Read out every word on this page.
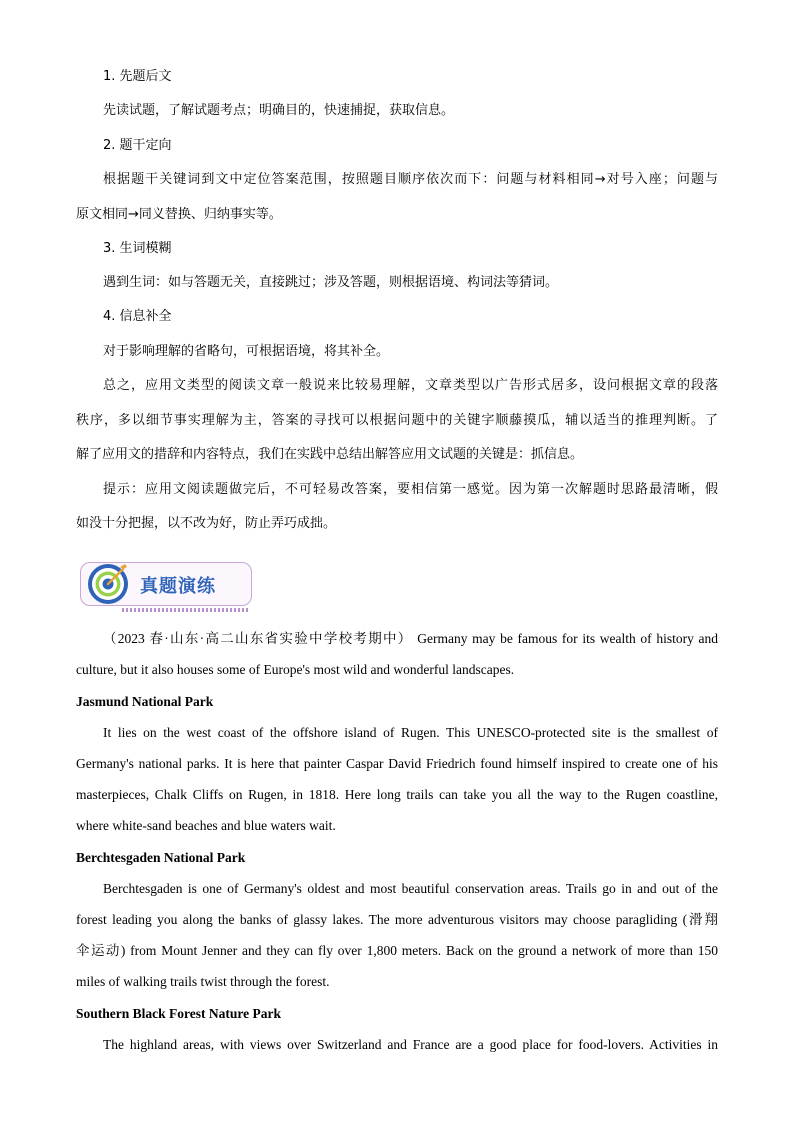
1. 先题后文
先读试题，了解试题考点；明确目的，快速捕捉，获取信息。
2. 题干定向
根据题干关键词到文中定位答案范围，按照题目顺序依次而下：问题与材料相同→对号入座；问题与
原文相同→同义替换、归纳事实等。
3. 生词模糊
遇到生词：如与答题无关，直接跳过；涉及答题，则根据语境、构词法等猜词。
4. 信息补全
对于影响理解的省略句，可根据语境，将其补全。
总之，应用文类型的阅读文章一般说来比较易理解，文章类型以广告形式居多，设问根据文章的段落
秩序，多以细节事实理解为主，答案的寻找可以根据问题中的关键字顺藤摸瓜，辅以适当的推理判断。了
解了应用文的措辞和内容特点，我们在实践中总结出解答应用文试题的关键是：抓信息。
提示：应用文阅读题做完后，不可轻易改答案，要相信第一感觉。因为第一次解题时思路最清晰，假
如没十分把握，以不改为好，防止弄巧成拙。
真题演练
（2023 春·山东·高二山东省实验中学校考期中） Germany may be famous for its wealth of history and
culture, but it also houses some of Europe's most wild and wonderful landscapes.
Jasmund National Park
It lies on the west coast of the offshore island of Rugen. This UNESCO-protected site is the smallest of
Germany's national parks. It is here that painter Caspar David Friedrich found himself inspired to create one of his
masterpieces, Chalk Cliffs on Rugen, in 1818. Here long trails can take you all the way to the Rugen coastline,
where white-sand beaches and blue waters wait.
Berchtesgaden National Park
Berchtesgaden is one of Germany's oldest and most beautiful conservation areas. Trails go in and out of the
forest leading you along the banks of glassy lakes. The more adventurous visitors may choose paragliding (滑翔
伞运动) from Mount Jenner and they can fly over 1,800 meters. Back on the ground a network of more than 150
miles of walking trails twist through the forest.
Southern Black Forest Nature Park
The highland areas, with views over Switzerland and France are a good place for food-lovers. Activities in
